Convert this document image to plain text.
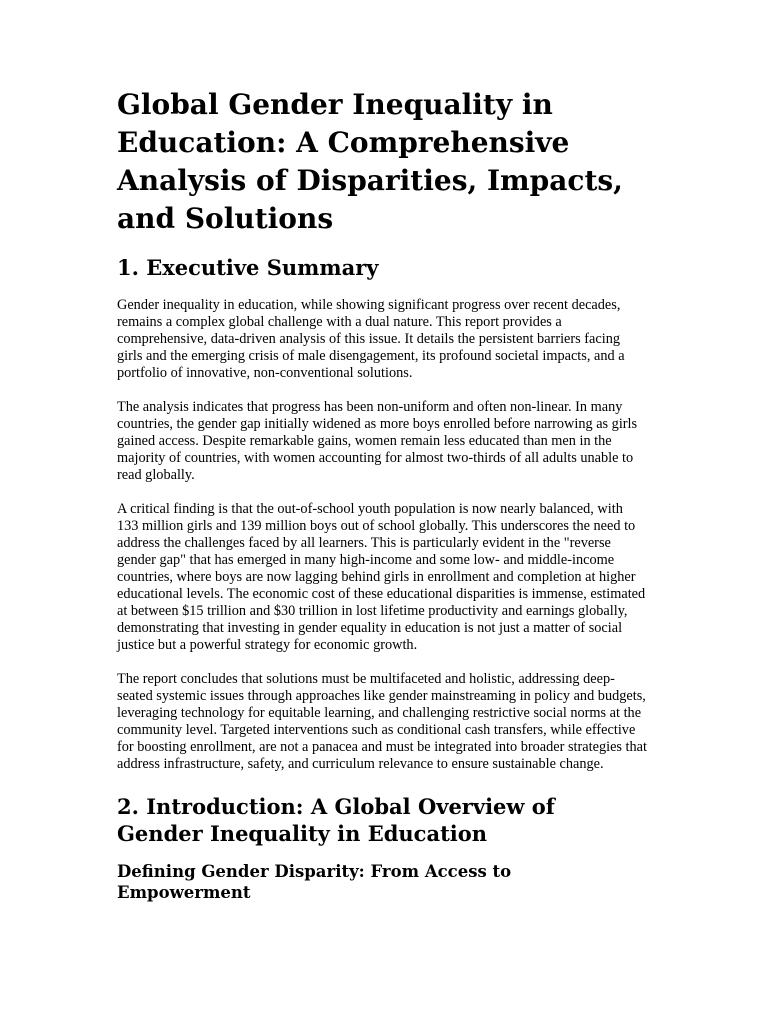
Global Gender Inequality in Education: A Comprehensive Analysis of Disparities, Impacts, and Solutions
1. Executive Summary

Gender inequality in education, while showing significant progress over recent decades, remains a complex global challenge with a dual nature. This report provides a comprehensive, data-driven analysis of this issue. It details the persistent barriers facing girls and the emerging crisis of male disengagement, its profound societal impacts, and a portfolio of innovative, non-conventional solutions.

The analysis indicates that progress has been non-uniform and often non-linear. In many countries, the gender gap initially widened as more boys enrolled before narrowing as girls gained access. Despite remarkable gains, women remain less educated than men in the majority of countries, with women accounting for almost two-thirds of all adults unable to read globally.

A critical finding is that the out-of-school youth population is now nearly balanced, with 133 million girls and 139 million boys out of school globally. This underscores the need to address the challenges faced by all learners. This is particularly evident in the "reverse gender gap" that has emerged in many high-income and some low- and middle-income countries, where boys are now lagging behind girls in enrollment and completion at higher educational levels. The economic cost of these educational disparities is immense, estimated at between $15 trillion and $30 trillion in lost lifetime productivity and earnings globally, demonstrating that investing in gender equality in education is not just a matter of social justice but a powerful strategy for economic growth.

The report concludes that solutions must be multifaceted and holistic, addressing deep-seated systemic issues through approaches like gender mainstreaming in policy and budgets, leveraging technology for equitable learning, and challenging restrictive social norms at the community level. Targeted interventions such as conditional cash transfers, while effective for boosting enrollment, are not a panacea and must be integrated into broader strategies that address infrastructure, safety, and curriculum relevance to ensure sustainable change.

2. Introduction: A Global Overview of Gender Inequality in Education
Defining Gender Disparity: From Access to Empowerment
